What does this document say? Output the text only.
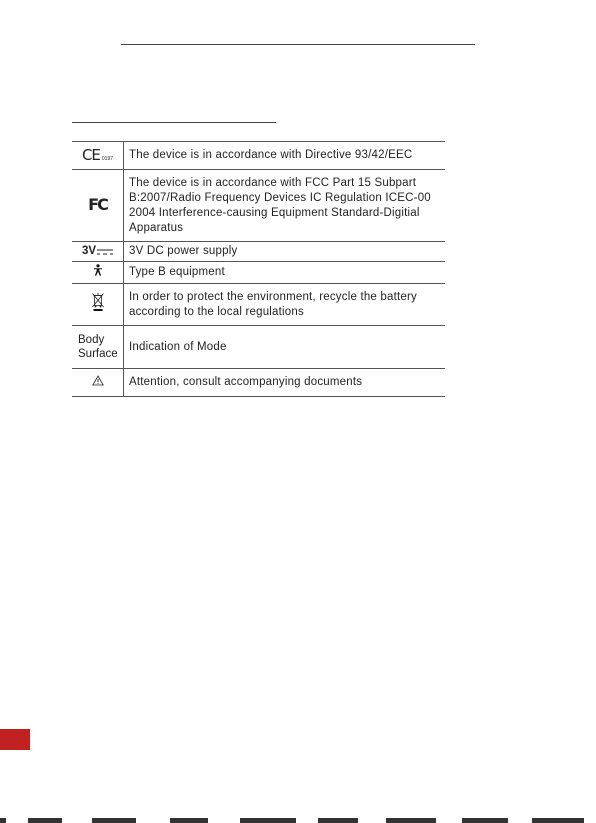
CE 0197	The device is in accordance with Directive 93/42/EEC
FC	The device is in accordance with FCC Part 15 Subpart B:2007/Radio Frequency Devices IC Regulation ICEC-00 2004 Interference-causing Equipment Standard-Digitial Apparatus

3V	3V DC power supply
	Type B equipment
	In order to protect the environment, recycle the battery according to the local regulations

Body
Surface	Indication of Mode
	Attention, consult accompanying documents
